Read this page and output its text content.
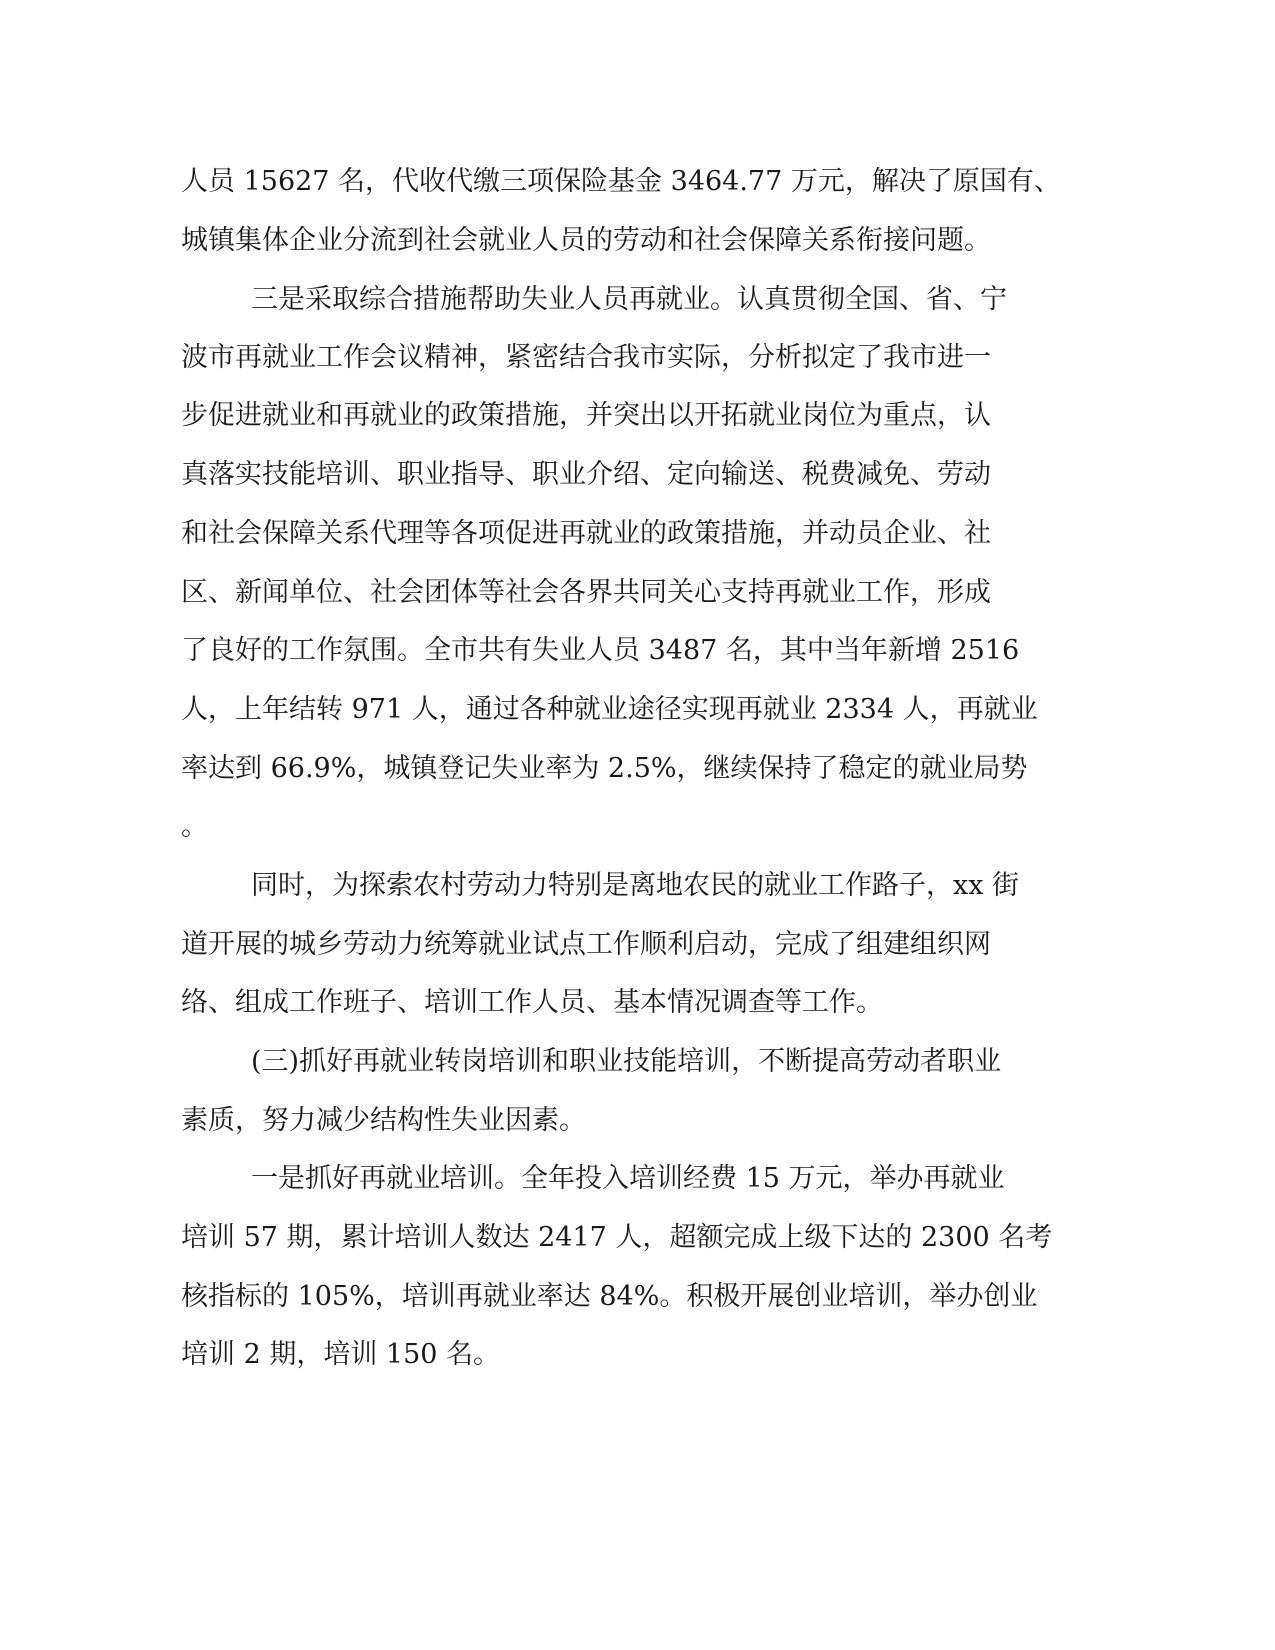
人员 15627 名，代收代缴三项保险基金 3464.77 万元，解决了原国有、

城镇集体企业分流到社会就业人员的劳动和社会保障关系衔接问题。

三是采取综合措施帮助失业人员再就业。认真贯彻全国、省、宁

波市再就业工作会议精神，紧密结合我市实际，分析拟定了我市进一

步促进就业和再就业的政策措施，并突出以开拓就业岗位为重点，认

真落实技能培训、职业指导、职业介绍、定向输送、税费减免、劳动

和社会保障关系代理等各项促进再就业的政策措施，并动员企业、社

区、新闻单位、社会团体等社会各界共同关心支持再就业工作，形成

了良好的工作氛围。全市共有失业人员 3487 名，其中当年新增 2516

人，上年结转 971 人，通过各种就业途径实现再就业 2334 人，再就业

率达到 66.9%，城镇登记失业率为 2.5%，继续保持了稳定的就业局势

。

同时，为探索农村劳动力特别是离地农民的就业工作路子，xx 街

道开展的城乡劳动力统筹就业试点工作顺利启动，完成了组建组织网

络、组成工作班子、培训工作人员、基本情况调查等工作。

(三)抓好再就业转岗培训和职业技能培训，不断提高劳动者职业

素质，努力减少结构性失业因素。

一是抓好再就业培训。全年投入培训经费 15 万元，举办再就业

培训 57 期，累计培训人数达 2417 人，超额完成上级下达的 2300 名考

核指标的 105%，培训再就业率达 84%。积极开展创业培训，举办创业

培训 2 期，培训 150 名。
